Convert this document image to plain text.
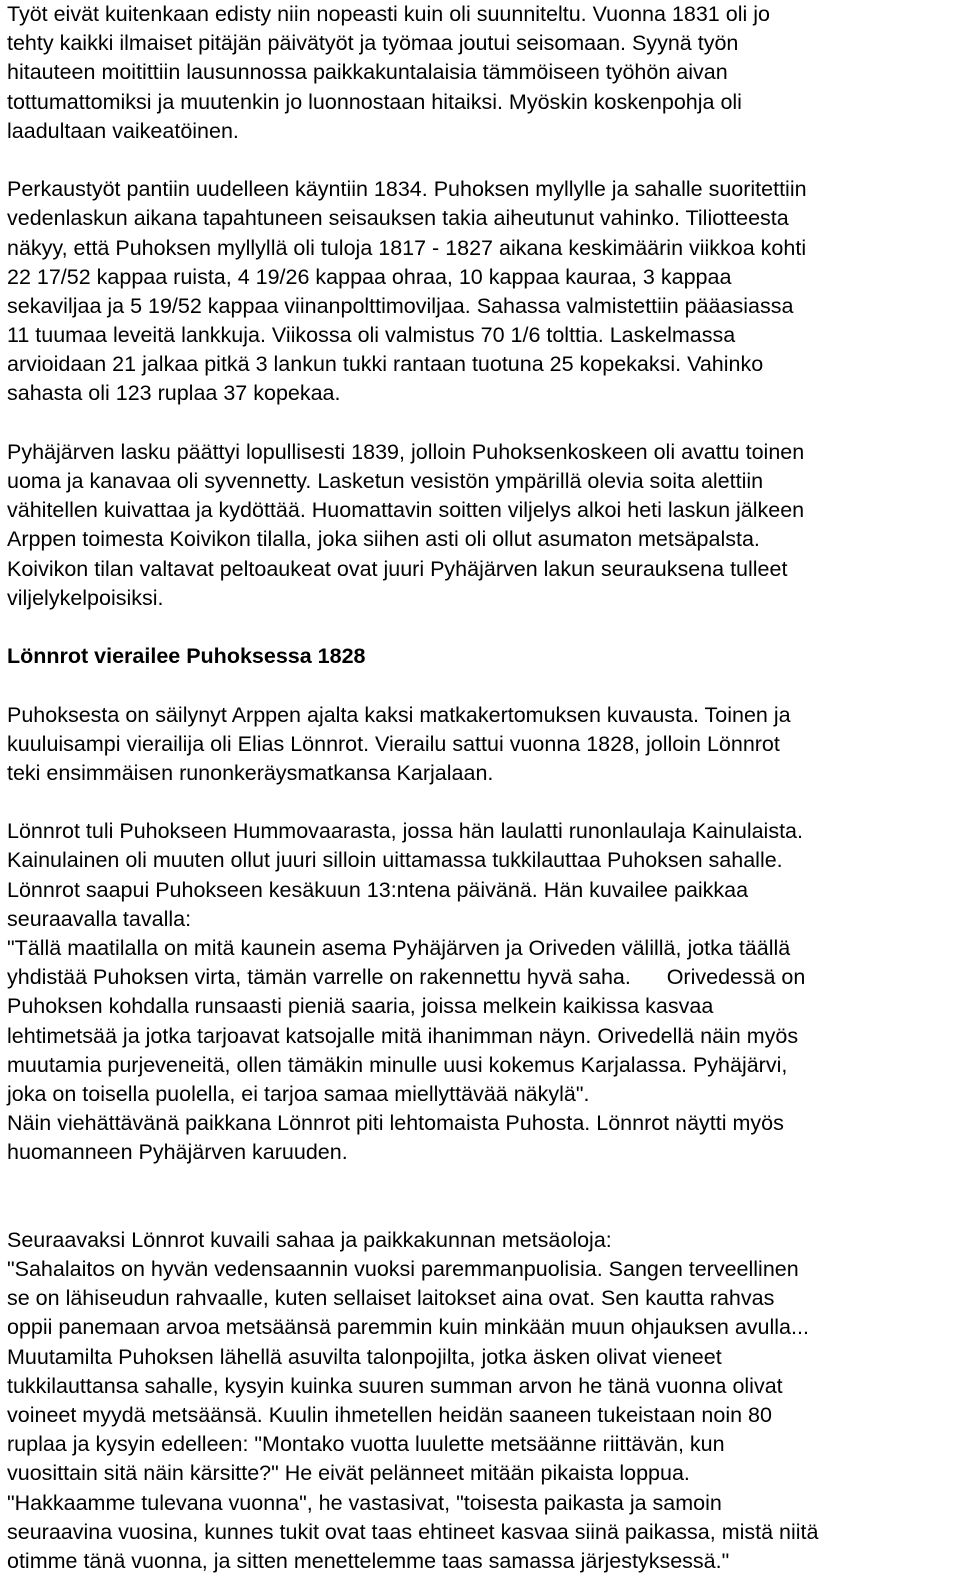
Työt eivät kuitenkaan edisty niin nopeasti kuin oli suunniteltu. Vuonna 1831 oli jo
tehty kaikki ilmaiset pitäjän päivätyöt ja työmaa joutui seisomaan. Syynä työn
hitauteen moitittiin lausunnossa paikkakuntalaisia tämmöiseen työhön aivan
tottumattomiksi ja muutenkin jo luonnostaan hitaiksi. Myöskin koskenpohja oli
laadultaan vaikeatöinen.
Perkaustyöt pantiin uudelleen käyntiin 1834. Puhoksen myllylle ja sahalle suoritettiin
vedenlaskun aikana tapahtuneen seisauksen takia aiheutunut vahinko. Tiliotteesta
näkyy, että Puhoksen myllyllä oli tuloja 1817 - 1827 aikana keskimäärin viikkoa kohti
22 17/52 kappaa ruista, 4 19/26 kappaa ohraa, 10 kappaa kauraa, 3 kappaa
sekaviljaa ja 5 19/52 kappaa viinanpolttimoviljaa. Sahassa valmistettiin pääasiassa
11 tuumaa leveitä lankkuja. Viikossa oli valmistus 70 1/6 tolttia. Laskelmassa
arvioidaan 21 jalkaa pitkä 3 lankun tukki rantaan tuotuna 25 kopekaksi. Vahinko
sahasta oli 123 ruplaa 37 kopekaa.
Pyhäjärven lasku päättyi lopullisesti 1839, jolloin Puhoksenkoskeen oli avattu toinen
uoma ja kanavaa oli syvennetty. Lasketun vesistön ympärillä olevia soita alettiin
vähitellen kuivattaa ja kydöttää. Huomattavin soitten viljelys alkoi heti laskun jälkeen
Arppen toimesta Koivikon tilalla, joka siihen asti oli ollut asumaton metsäpalsta.
Koivikon tilan valtavat peltoaukeat ovat juuri Pyhäjärven lakun seurauksena tulleet
viljelykelpoisiksi.
Lönnrot vierailee Puhoksessa 1828
Puhoksesta on säilynyt Arppen ajalta kaksi matkakertomuksen kuvausta. Toinen ja
kuuluisampi vierailija oli Elias Lönnrot. Vierailu sattui vuonna 1828, jolloin Lönnrot
teki ensimmäisen runonkeräysmatkansa Karjalaan.
Lönnrot tuli Puhokseen Hummovaarasta, jossa hän laulatti runonlaulaja Kainulaista.
Kainulainen oli muuten ollut juuri silloin uittamassa tukkilauttaa Puhoksen sahalle.
Lönnrot saapui Puhokseen kesäkuun 13:ntena päivänä. Hän kuvailee paikkaa
seuraavalla tavalla:
"Tällä maatilalla on mitä kaunein asema Pyhäjärven ja Oriveden välillä, jotka täällä
yhdistää Puhoksen virta, tämän varrelle on rakennettu hyvä saha.      Orivedessä on
Puhoksen kohdalla runsaasti pieniä saaria, joissa melkein kaikissa kasvaa
lehtimetsää ja jotka tarjoavat katsojalle mitä ihanimman näyn. Orivedellä näin myös
muutamia purjeveneitä, ollen tämäkin minulle uusi kokemus Karjalassa. Pyhäjärvi,
joka on toisella puolella, ei tarjoa samaa miellyttävää näkylä".
Näin viehättävänä paikkana Lönnrot piti lehtomaista Puhosta. Lönnrot näytti myös
huomanneen Pyhäjärven karuuden.
Seuraavaksi Lönnrot kuvaili sahaa ja paikkakunnan metsäoloja:
"Sahalaitos on hyvän vedensaannin vuoksi paremmanpuolisia. Sangen terveellinen
se on lähiseudun rahvaalle, kuten sellaiset laitokset aina ovat. Sen kautta rahvas
oppii panemaan arvoa metsäänsä paremmin kuin minkään muun ohjauksen avulla...
Muutamilta Puhoksen lähellä asuvilta talonpojilta, jotka äsken olivat vieneet
tukkilauttansa sahalle, kysyin kuinka suuren summan arvon he tänä vuonna olivat
voineet myydä metsäänsä. Kuulin ihmetellen heidän saaneen tukeistaan noin 80
ruplaa ja kysyin edelleen: "Montako vuotta luulette metsäänne riittävän, kun
vuosittain sitä näin kärsitte?" He eivät pelänneet mitään pikaista loppua.
"Hakkaamme tulevana vuonna", he vastasivat, "toisesta paikasta ja samoin
seuraavina vuosina, kunnes tukit ovat taas ehtineet kasvaa siinä paikassa, mistä niitä
otimme tänä vuonna, ja sitten menettelemme taas samassa järjestyksessä."
